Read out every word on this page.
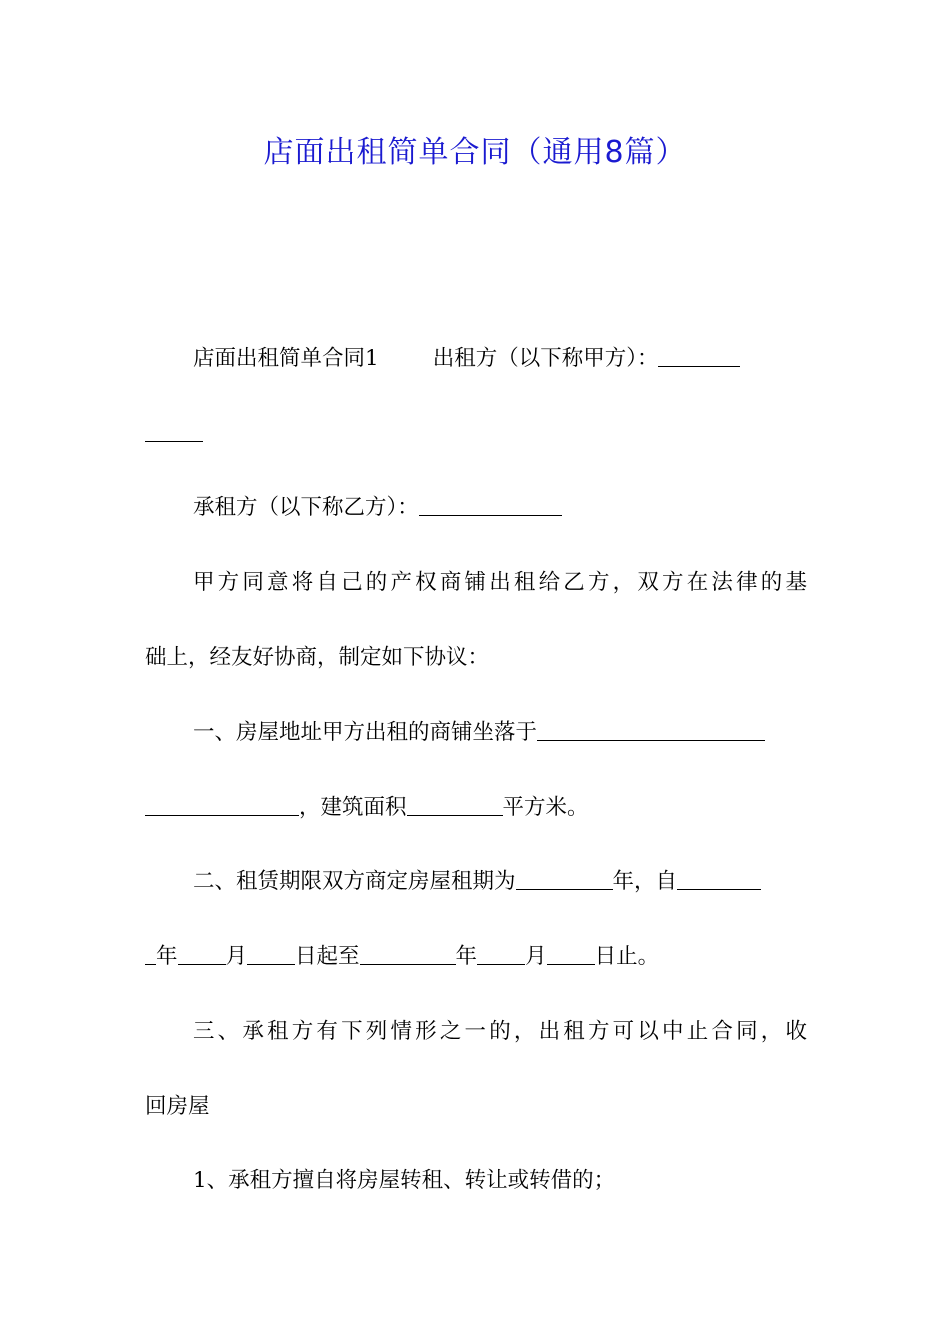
店面出租简单合同（通用8篇）

店面出租简单合同1	出租方（以下称甲方）：

承租方（以下称乙方）：

甲方同意将自己的产权商铺出租给乙方，双方在法律的基

础上，经友好协商，制定如下协议：

一、房屋地址甲方出租的商铺坐落于

，建筑面积	平方米。

二、租赁期限双方商定房屋租期为	年，自

年 月 日起至	年 月 日止。

三、承租方有下列情形之一的，出租方可以中止合同，收

回房屋

1、承租方擅自将房屋转租、转让或转借的；
